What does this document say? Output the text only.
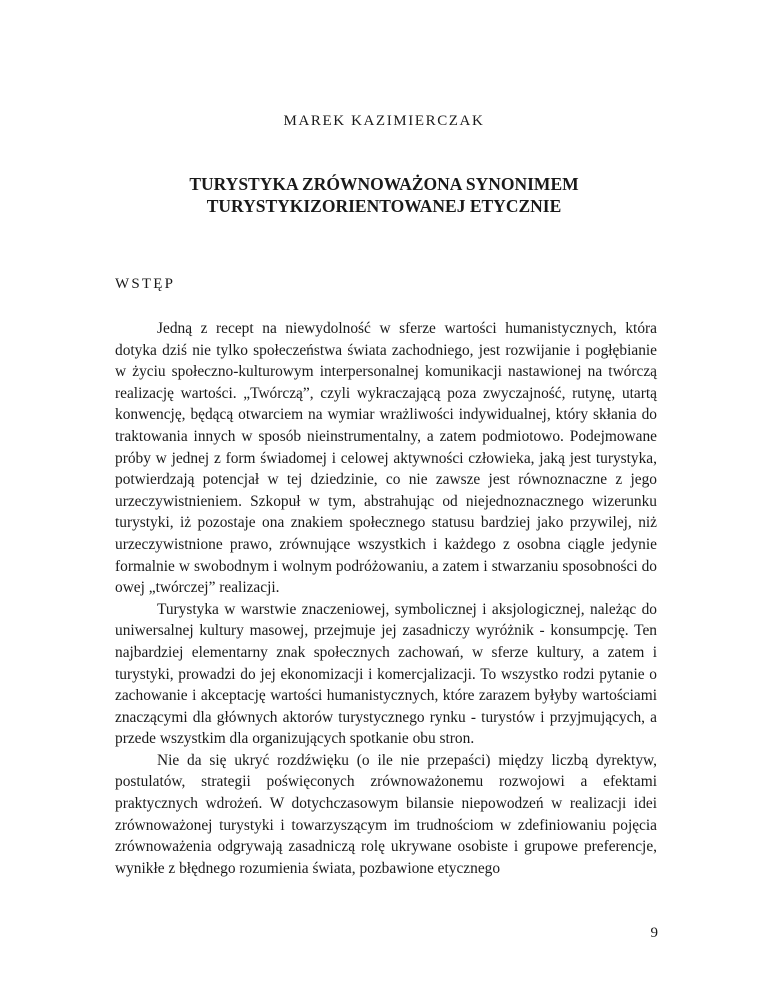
MAREK KAZIMIERCZAK
TURYSTYKA ZRÓWNOWAŻONA SYNONIMEM
TURYSTYKIZORIENTOWANEJ ETYCZNIE
WSTĘP

Jedną z recept na niewydolność w sferze wartości humanistycznych, która dotyka dziś nie tylko społeczeństwa świata zachodniego, jest rozwijanie i pogłębianie w życiu społeczno-kulturowym interpersonalnej komunikacji nastawionej na twórczą realizację wartości. „Twórczą”, czyli wykraczającą poza zwyczajność, rutynę, utartą konwencję, będącą otwarciem na wymiar wrażliwości indywidualnej, który skłania do traktowania innych w sposób nieinstrumentalny, a zatem podmiotowo. Podejmowane próby w jednej z form świadomej i celowej aktywności człowieka, jaką jest turystyka, potwierdzają potencjał w tej dziedzinie, co nie zawsze jest równoznaczne z jego urzeczywistnieniem. Szkopuł w tym, abstrahując od niejednoznacznego wizerunku turystyki, iż pozostaje ona znakiem społecznego statusu bardziej jako przywilej, niż urzeczywistnione prawo, zrównujące wszystkich i każdego z osobna ciągle jedynie formalnie w swobodnym i wolnym podróżowaniu, a zatem i stwarzaniu sposobności do owej „twórczej” realizacji.

Turystyka w warstwie znaczeniowej, symbolicznej i aksjologicznej, należąc do uniwersalnej kultury masowej, przejmuje jej zasadniczy wyróżnik - konsumpcję. Ten najbardziej elementarny znak społecznych zachowań, w sferze kultury, a zatem i turystyki, prowadzi do jej ekonomizacji i komercjalizacji. To wszystko rodzi pytanie o zachowanie i akceptację wartości humanistycznych, które zarazem byłyby wartościami znaczącymi dla głównych aktorów turystycznego rynku - turystów i przyjmujących, a przede wszystkim dla organizujących spotkanie obu stron.

Nie da się ukryć rozdźwięku (o ile nie przepaści) między liczbą dyrektyw, postulatów, strategii poświęconych zrównoważonemu rozwojowi a efektami praktycznych wdrożeń. W dotychczasowym bilansie niepowodzeń w realizacji idei zrównoważonej turystyki i towarzyszącym im trudnościom w zdefiniowaniu pojęcia zrównoważenia odgrywają zasadniczą rolę ukrywane osobiste i grupowe preferencje, wynikłe z błędnego rozumienia świata, pozbawione etycznego

9
